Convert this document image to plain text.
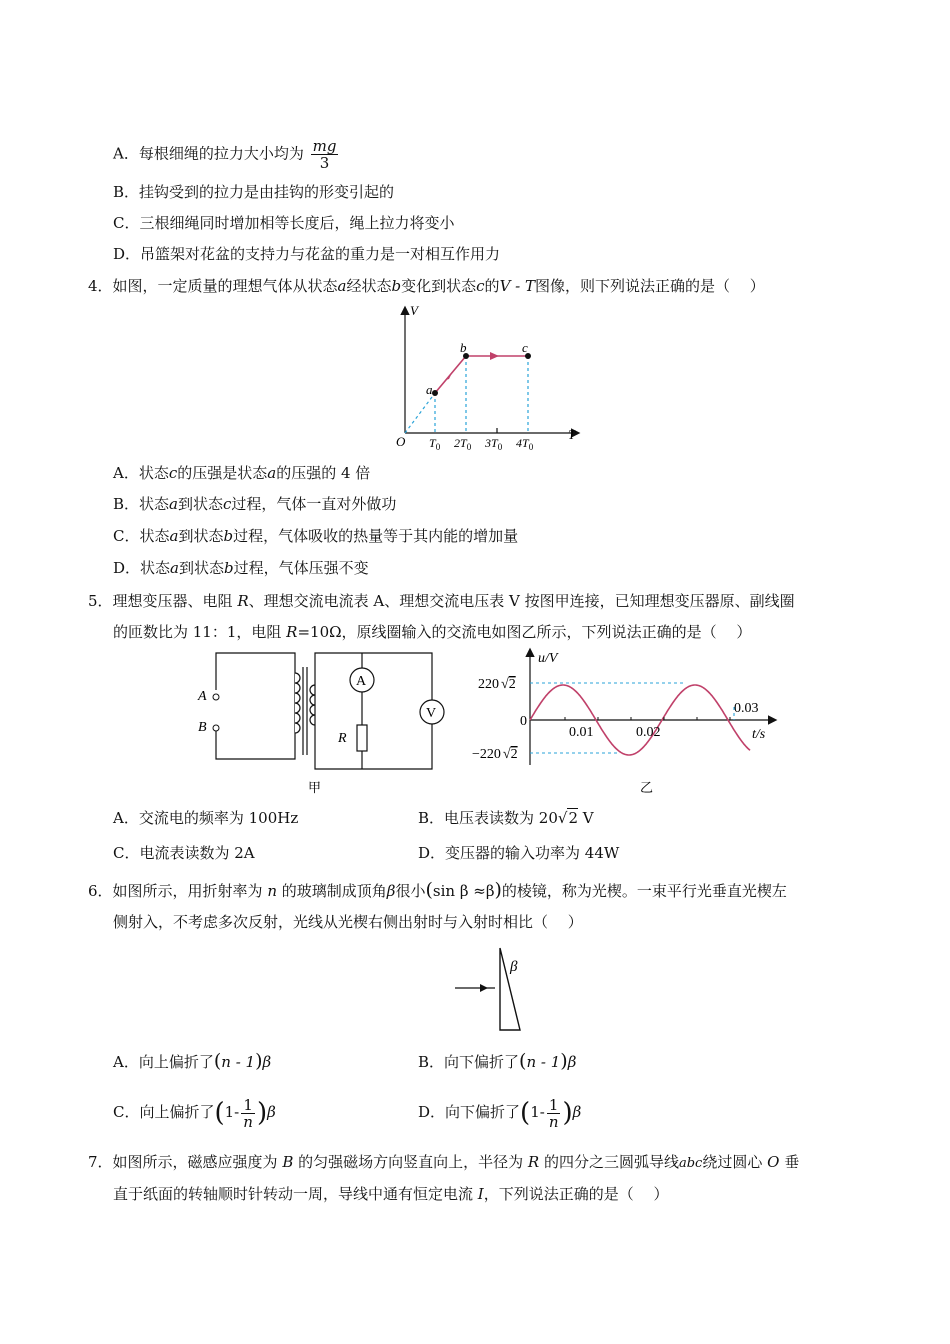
A．每根细绳的拉力大小均为 $\frac{mg}{3}$
B．挂钩受到的拉力是由挂钩的形变引起的
C．三根细绳同时增加相等长度后，绳上拉力将变小
D．吊篮架对花盆的支持力与花盆的重力是一对相互作用力
4．如图，一定质量的理想气体从状态a经状态b变化到状态c的V - T图像，则下列说法正确的是（　 ）
V
T
O
a
b	c
$T_0$ $2T_0$ $3T_0$ $4T_0$
A．状态c的压强是状态a的压强的 4 倍
B．状态a到状态c过程，气体一直对外做功
C．状态a到状态b过程，气体吸收的热量等于其内能的增加量
D．状态a到状态b过程，气体压强不变
5．理想变压器、电阻 R、理想交流电流表 A、理想交流电压表 V 按图甲连接，已知理想变压器原、副线圈
的匝数比为 11：1，电阻 R=10Ω，原线圈输入的交流电如图乙所示，下列说法正确的是（　 ）
A
B
A
R
V
甲
u/V
t/s
220 √2
0
−220 √2
0.01	0.02
0.03
乙
A．交流电的频率为 100Hz	B．电压表读数为 20√2 V
C．电流表读数为 2A	D．变压器的输入功率为 44W
6．如图所示，用折射率为 n 的玻璃制成顶角β很小(sin β ≈β)的棱镜，称为光楔。一束平行光垂直光楔左
侧射入，不考虑多次反射，光线从光楔右侧出射时与入射时相比（　 ）
β
A．向上偏折了(n - 1)β	B．向下偏折了(n - 1)β
C．向上偏折了$(1- \frac{1}{n} )\beta$	D．向下偏折了$(1- \frac{1}{n} )\beta$
7．如图所示，磁感应强度为 B 的匀强磁场方向竖直向上，半径为 R 的四分之三圆弧导线abc绕过圆心 O 垂
直于纸面的转轴顺时针转动一周，导线中通有恒定电流 I，下列说法正确的是（　 ）
